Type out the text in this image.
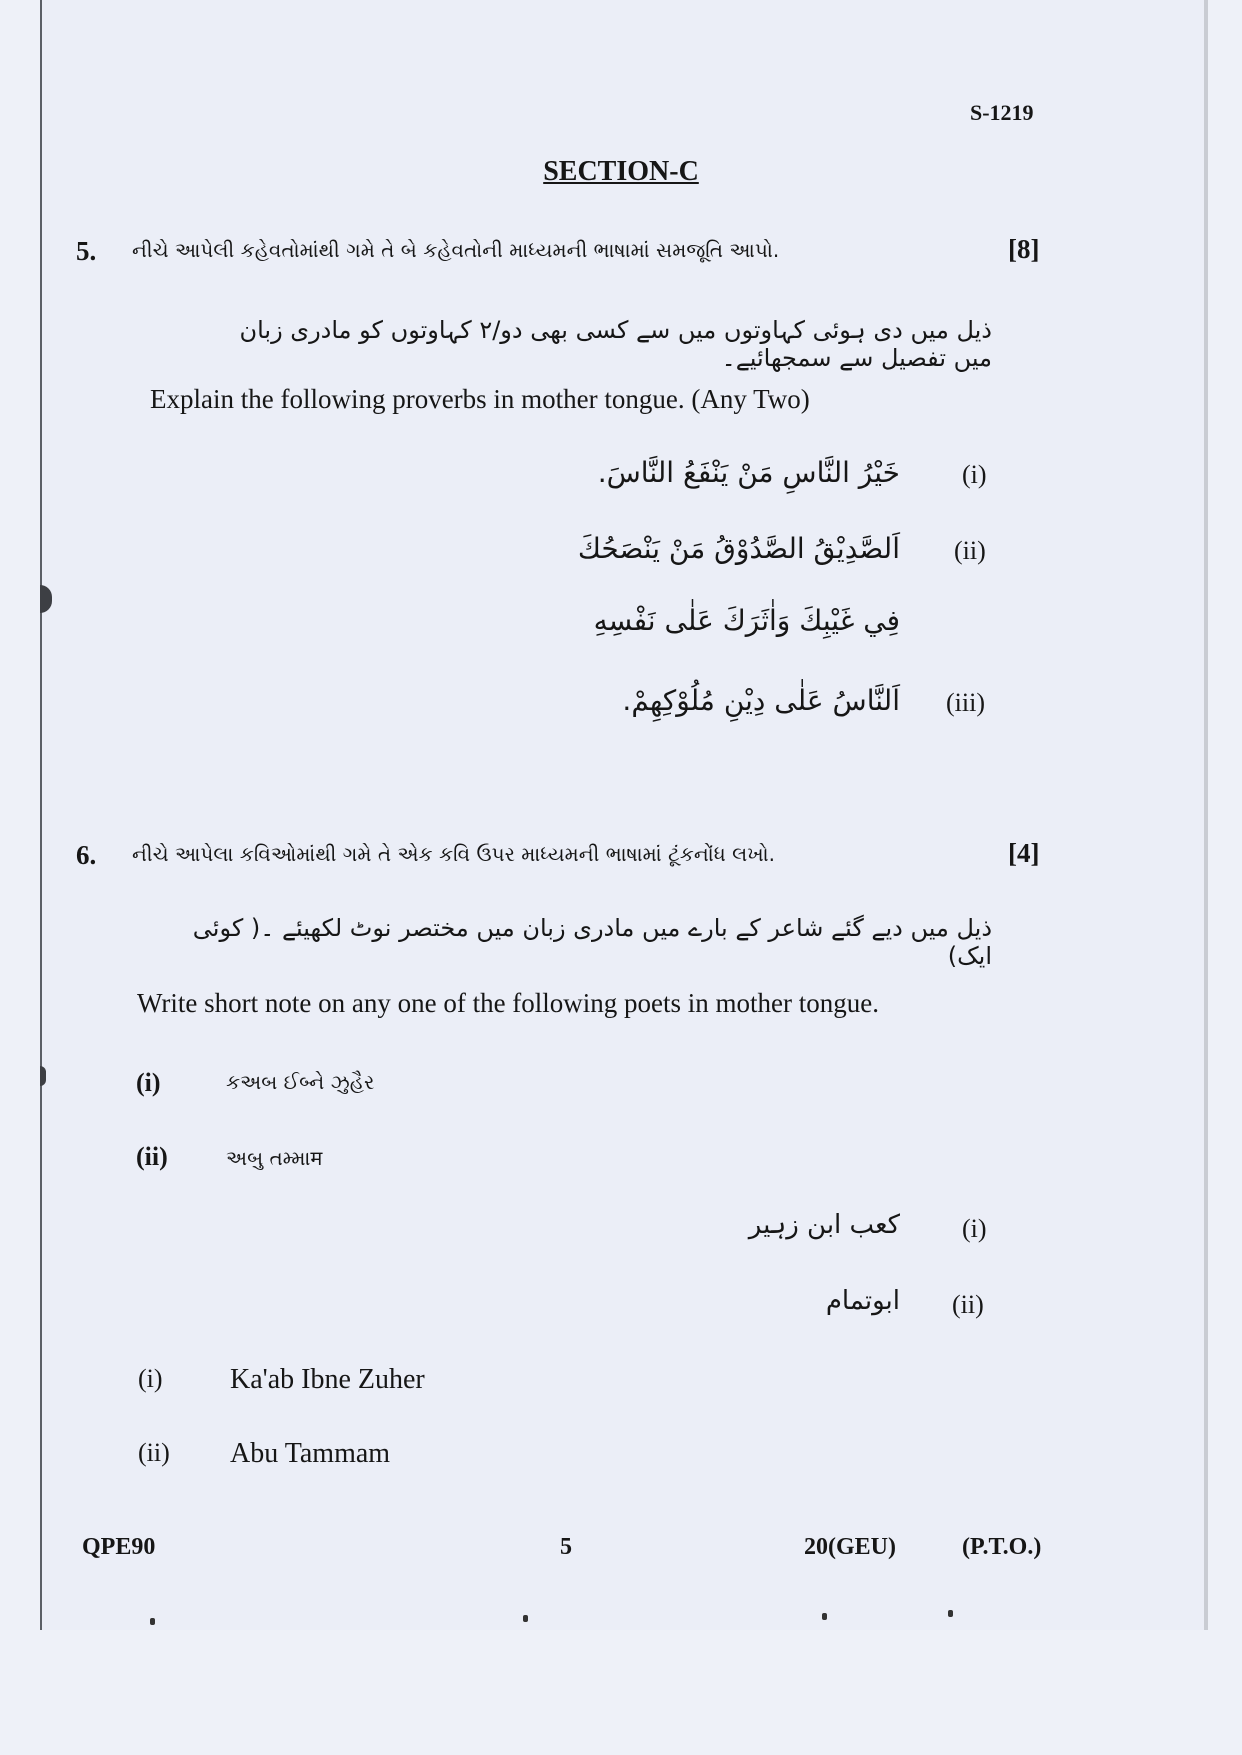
S-1219
SECTION-C
5. નીચે આપેલી કહેવતોમાંથી ગમે તે બે કહેવતોની માધ્યમની ભાષામાં સમજૂતિ આપો.	[8]
ذیل میں دی ہوئی کہاوتوں میں سے کسی بھی دو/۲ کہاوتوں کو مادری زبان میں تفصیل سے سمجھائیے۔
Explain the following proverbs in mother tongue. (Any Two)
خَيْرُ النَّاسِ مَنْ يَنْفَعُ النَّاسَ. (i)
اَلصَّدِيْقُ الصَّدُوْقُ مَنْ يَنْصَحُكَ (ii)
فِي غَيْبِكَ وَاٰثَرَكَ عَلٰى نَفْسِهِ
اَلنَّاسُ عَلٰى دِيْنِ مُلُوْكِهِمْ. (iii)
6. નીચે આપેલા કવિઓમાંથી ગમે તે એક કવિ ઉપર માધ્યમની ભાષામાં ટૂંકનોંધ લખો.	[4]
ذیل میں دیے گئے شاعر کے بارے میں مادری زبان میں مختصر نوٹ لکھیئے ۔( کوئی ایک)
Write short note on any one of the following poets in mother tongue.
(i)	કઅબ ઈબ્ને ઝુહૈર
(ii)	અબુ તમ્માम
کعب ابن زہیر (i)
ابوتمام (ii)
(i) Ka'ab Ibne Zuher
(ii) Abu Tammam
QPE90	5	20(GEU)	(P.T.O.)
